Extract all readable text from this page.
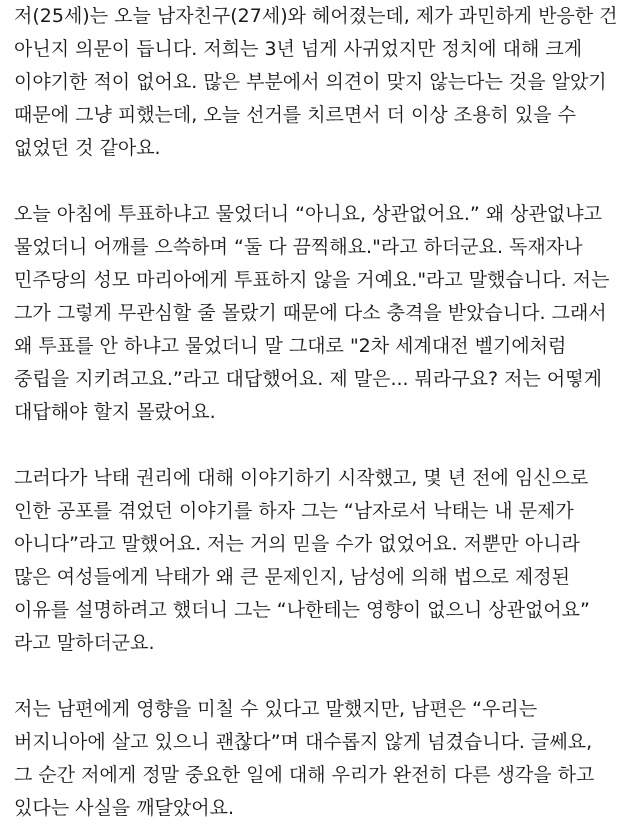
저(25세)는 오늘 남자친구(27세)와 헤어졌는데, 제가 과민하게 반응한 건
아닌지 의문이 듭니다. 저희는 3년 넘게 사귀었지만 정치에 대해 크게
이야기한 적이 없어요. 많은 부분에서 의견이 맞지 않는다는 것을 알았기
때문에 그냥 피했는데, 오늘 선거를 치르면서 더 이상 조용히 있을 수
없었던 것 같아요.

오늘 아침에 투표하냐고 물었더니 “아니요, 상관없어요.” 왜 상관없냐고
물었더니 어깨를 으쓱하며 “둘 다 끔찍해요."라고 하더군요. 독재자나
민주당의 성모 마리아에게 투표하지 않을 거예요."라고 말했습니다. 저는
그가 그렇게 무관심할 줄 몰랐기 때문에 다소 충격을 받았습니다. 그래서
왜 투표를 안 하냐고 물었더니 말 그대로 "2차 세계대전 벨기에처럼
중립을 지키려고요.”라고 대답했어요. 제 말은... 뭐라구요? 저는 어떻게
대답해야 할지 몰랐어요.

그러다가 낙태 권리에 대해 이야기하기 시작했고, 몇 년 전에 임신으로
인한 공포를 겪었던 이야기를 하자 그는 “남자로서 낙태는 내 문제가
아니다”라고 말했어요. 저는 거의 믿을 수가 없었어요. 저뿐만 아니라
많은 여성들에게 낙태가 왜 큰 문제인지, 남성에 의해 법으로 제정된
이유를 설명하려고 했더니 그는 “나한테는 영향이 없으니 상관없어요”
라고 말하더군요.

저는 남편에게 영향을 미칠 수 있다고 말했지만, 남편은 “우리는
버지니아에 살고 있으니 괜찮다”며 대수롭지 않게 넘겼습니다. 글쎄요,
그 순간 저에게 정말 중요한 일에 대해 우리가 완전히 다른 생각을 하고
있다는 사실을 깨달았어요.
